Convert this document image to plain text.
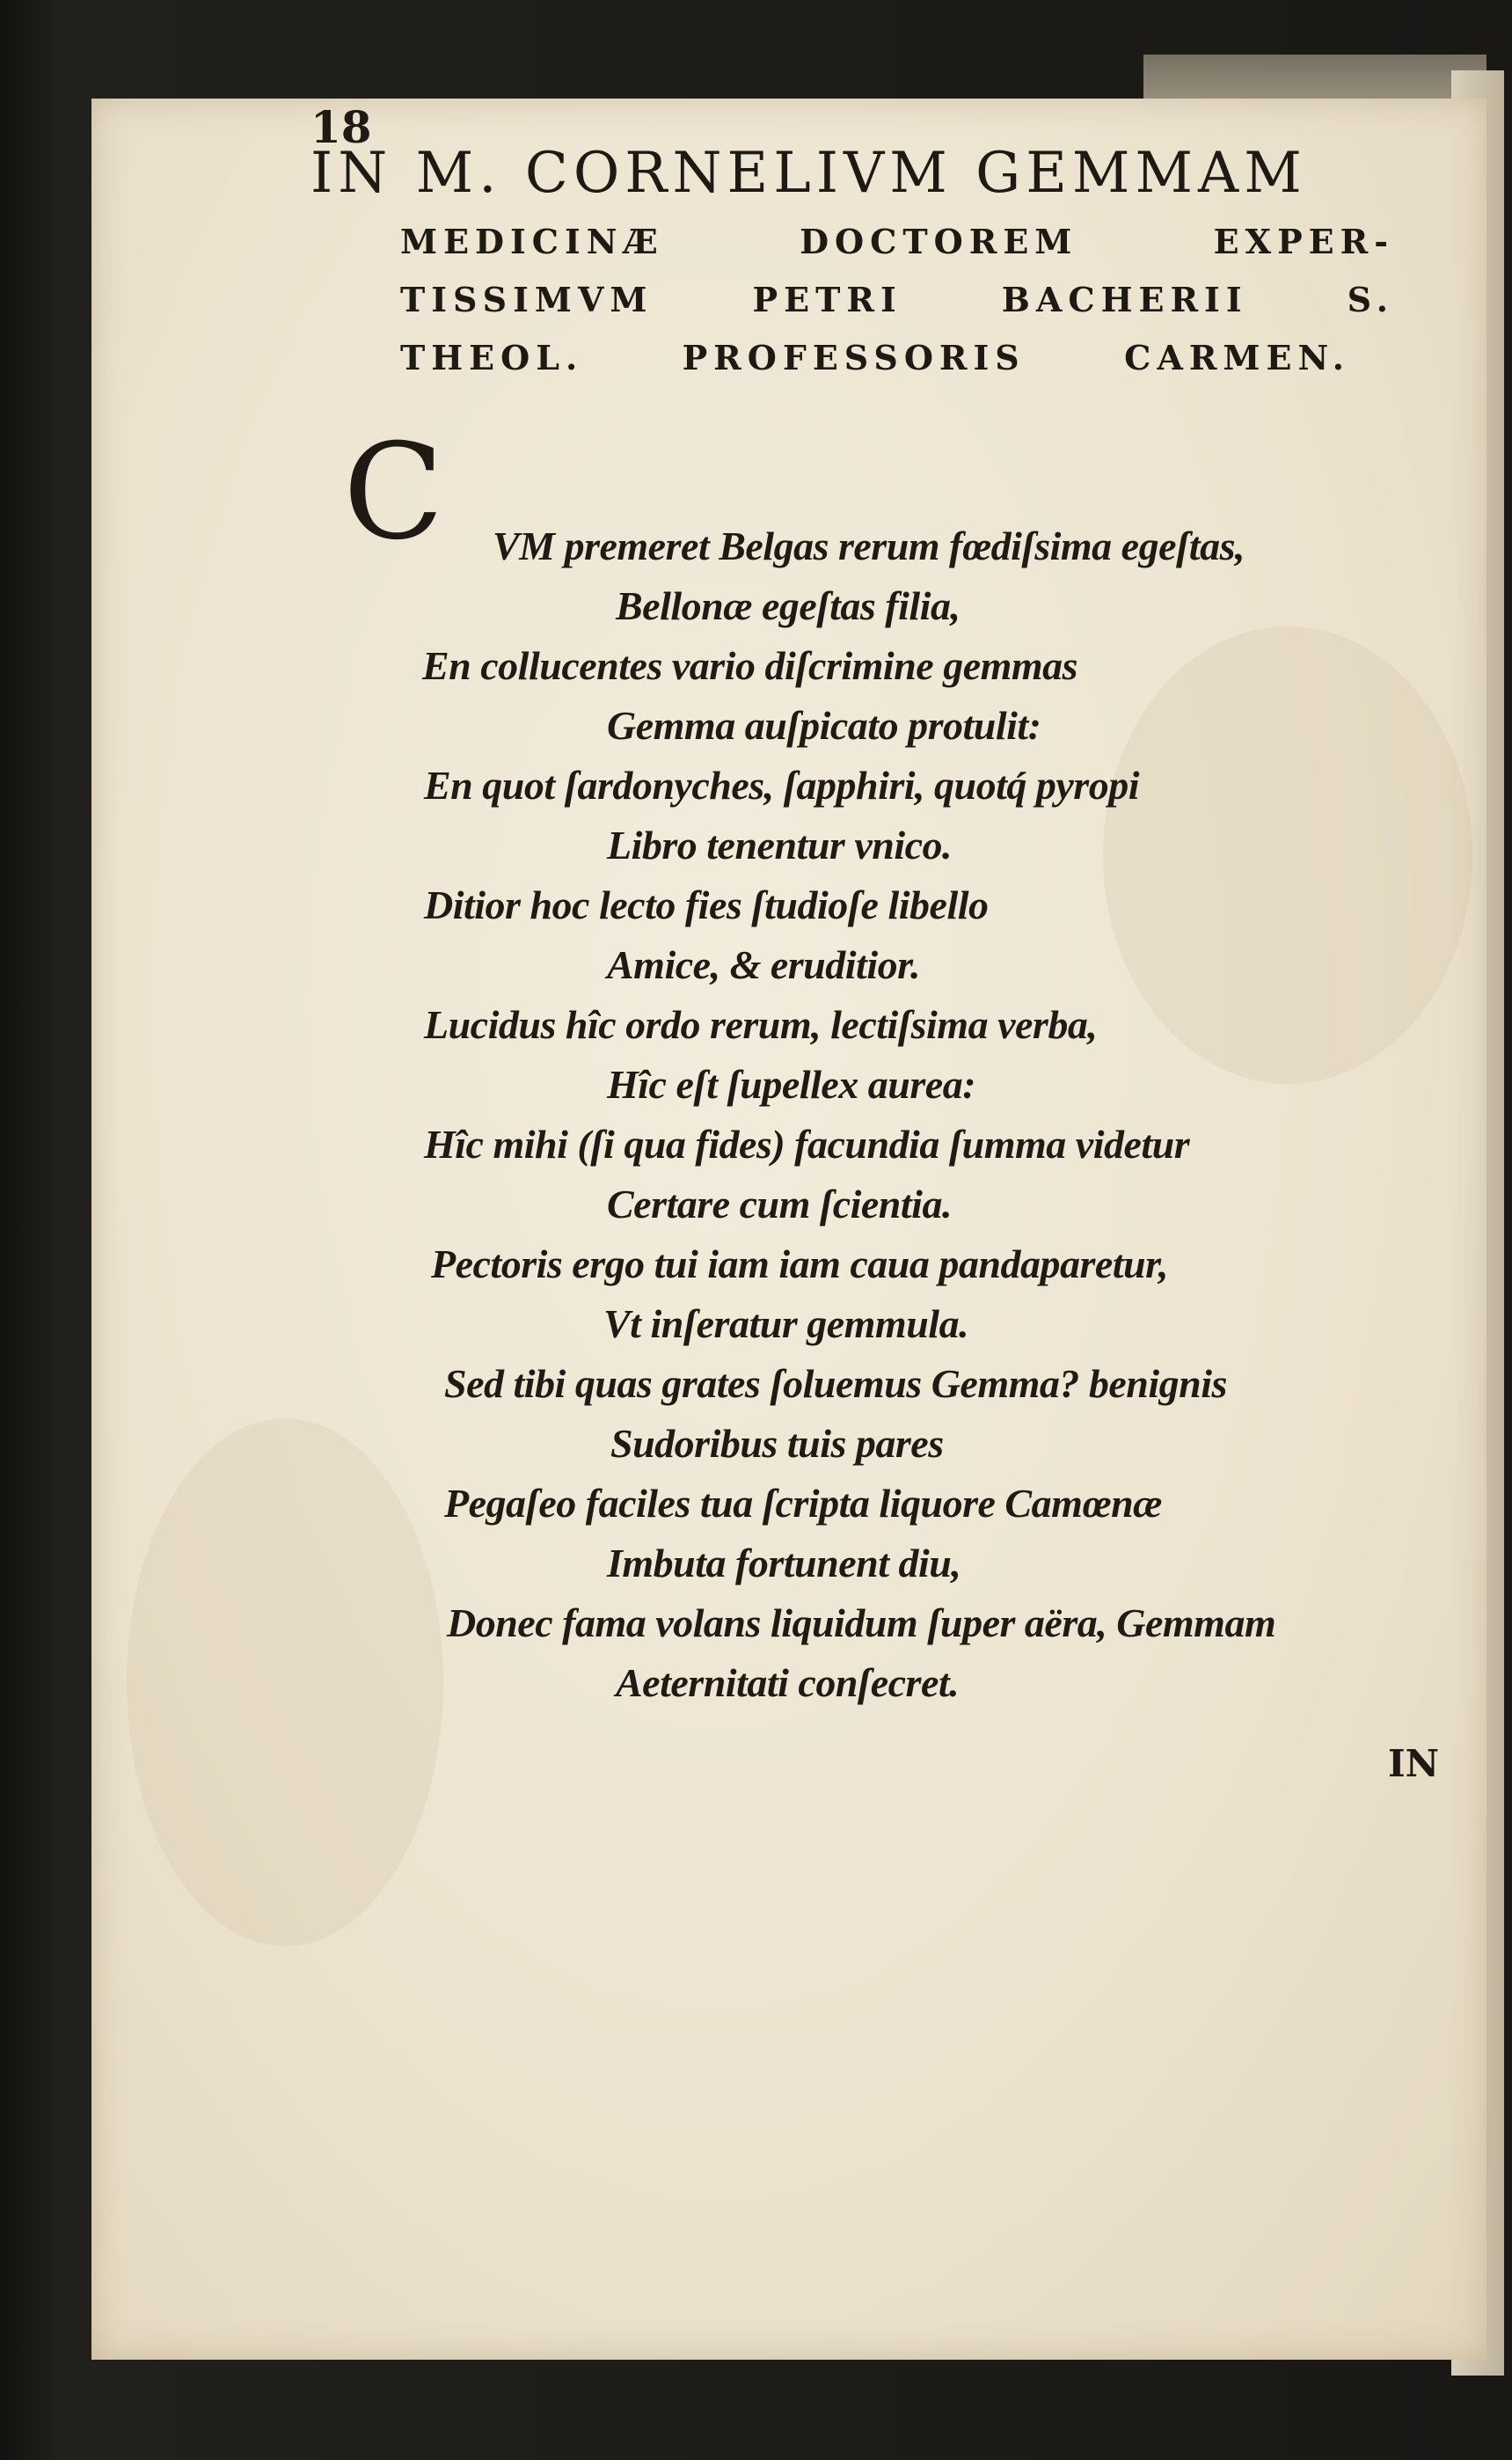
18
IN M. CORNELIVM GEMMAM
MEDICINÆ	DOCTOREM	EXPER-
TISSIMVM	PETRI	BACHERII	S.
THEOL.	PROFESSORIS	CARMEN.
C VM premeret Belgas rerum fœdiſsima egeſtas,
Bellonæ egeſtas filia,
En collucentes vario diſcrimine gemmas
Gemma auſpicato protulit:
En quot ſardonyches, ſapphiri, quotq́ pyropi
Libro tenentur vnico.
Ditior hoc lecto fies ſtudioſe libello
Amice, & eruditior.
Lucidus hîc ordo rerum, lectiſsima verba,
Hîc eſt ſupellex aurea:
Hîc mihi (ſi qua fides) facundia ſumma videtur
Certare cum ſcientia.
Pectoris ergo tui iam iam caua pandaparetur,
Vt inſeratur gemmula.
Sed tibi quas grates ſoluemus Gemma? benignis
Sudoribus tuis pares
Pegaſeo faciles tua ſcripta liquore Camœnæ
Imbuta fortunent diu,
Donec fama volans liquidum ſuper aëra, Gemmam
Aeternitati conſecret.
IN
